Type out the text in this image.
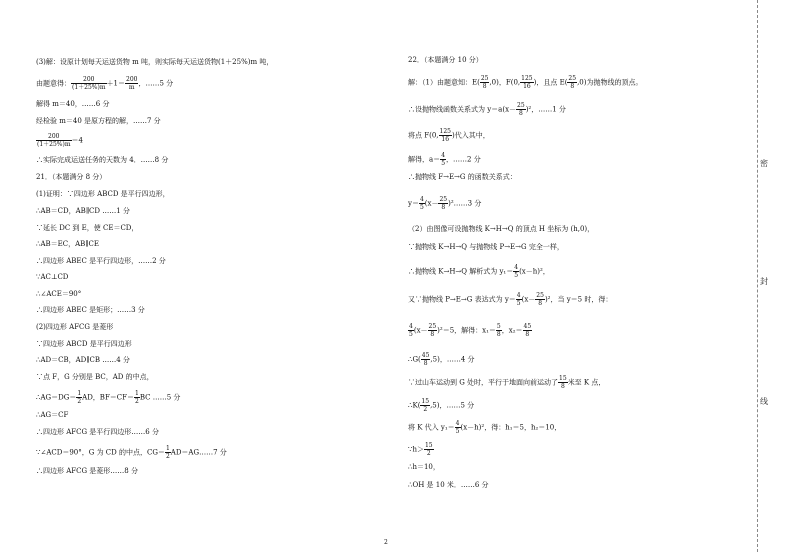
(3)解：设原计划每天运送货物 m 吨，则实际每天运送货物(1＋25%)m 吨，
由题意得： $\frac{200}{(1+25\%)m} +1= \frac{200}{m}$ ，……5 分
解得 m＝40，……6 分
经检验 m＝40 是原方程的解，……7 分
$\frac{200}{(1+25\%)m} =4$
∴实际完成运送任务的天数为 4．……8 分
21．（本题满分 8 分）
(1)证明：∵四边形 ABCD 是平行四边形，
∴AB＝CD，AB∥CD ……1 分
∵延长 DC 到 E，使 CE＝CD，
∴AB＝EC，AB∥CE
∴四边形 ABEC 是平行四边形，……2 分
∵AC⊥CD
∴∠ACE＝90°
∴四边形 ABEC 是矩形；……3 分
(2)四边形 AFCG 是菱形
∵四边形 ABCD 是平行四边形
∴AD＝CB，AD∥CB ……4 分
∵点 F，G 分别是 BC，AD 的中点，
∴AG＝DG＝ $\frac{1}{2}$ AD，$BF=CF= \frac{1}{2}$ BC ……5 分
∴AG＝CF
∴四边形 AFCG 是平行四边形……6 分
∵∠ACD＝90°，G 为 CD 的中点，$CG= \frac{1}{2}$ AD＝AG……7 分
∴四边形 AFCG 是菱形……8 分
22．（本题满分 10 分）
解：（1）由题意知：$E( \frac{25}{8} ,0)$，F(0, $\frac{125}{16}$ )，且点 $E( \frac{25}{8} ,0)$为抛物线的顶点。
∴设抛物线函数关系式为 $y=a(x- \frac{25}{8} )^2$，……1 分
将点 F(0, $\frac{125}{16}$ )代入其中，
解得，$a= \frac{4}{5}$ ，……2 分
∴抛物线 F→E→G 的函数关系式：
$y= \frac{4}{5} (x- \frac{25}{8}$ )²……3 分
（2）由图像可设抛物线 K→H→Q 的顶点 H 坐标为 (h,0)，
∵抛物线 K→H→Q 与抛物线 P→E→G 完全一样，
∴抛物线 K→H→Q 解析式为 $y_1= \frac{4}{5} (x-h)^2$，
又∵抛物线 P→E→G 表达式为 $y= \frac{4}{5} (x- \frac{25}{8} )^2$，当 y＝5 时，得：
$\frac{4}{5} (x- \frac{25}{8} )^2=5$，解得：$x_1= \frac{5}{8}$ ，$x_2= \frac{45}{8}$
∴G( $\frac{45}{8} ,5$)，……4 分
∵过山车运动到 G 处时，平行于地面向前运动了 $\frac{15}{8}$ 米至 K 点，
∴K( $\frac{15}{2} ,5$)，……5 分
将 K 代入 $y_1= \frac{4}{5} (x-h)^2$，得：h₁＝5，h₂＝10，
∵h＞ $\frac{15}{2}$
∴h＝10，
∴OH 是 10 米．……6 分
密
封
线
2
